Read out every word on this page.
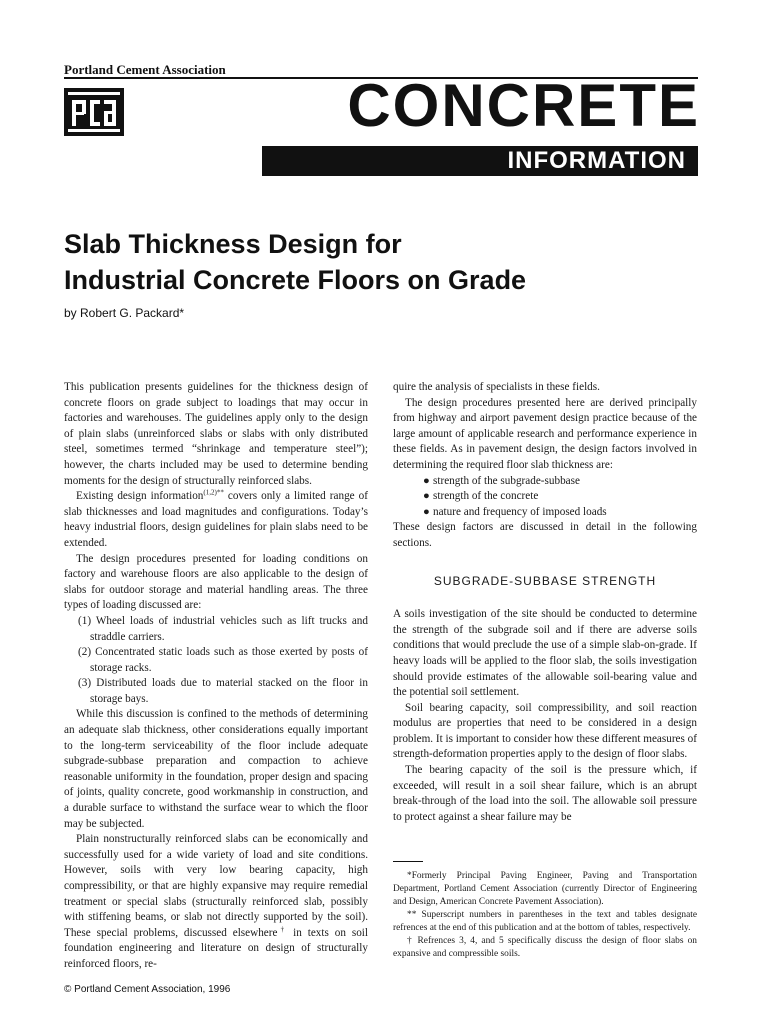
Portland Cement Association
CONCRETE
INFORMATION
Slab Thickness Design for
Industrial Concrete Floors on Grade
by Robert G. Packard*

This publication presents guidelines for the thickness design of concrete floors on grade subject to loadings that may occur in factories and warehouses. The guidelines apply only to the design of plain slabs (unreinforced slabs or slabs with only distributed steel, sometimes termed “shrinkage and temperature steel”); however, the charts included may be used to determine bending moments for the design of structurally reinforced slabs.

Existing design information$^{(1,2)**}$ covers only a limited range of slab thicknesses and load magnitudes and configurations. Today’s heavy industrial floors, design guidelines for plain slabs need to be extended.

The design procedures presented for loading conditions on factory and warehouse floors are also applicable to the design of slabs for outdoor storage and material handling areas. The three types of loading discussed are:

(1) Wheel loads of industrial vehicles such as lift trucks and straddle carriers.
(2) Concentrated static loads such as those exerted by posts of storage racks.
(3) Distributed loads due to material stacked on the floor in storage bays.

While this discussion is confined to the methods of determining an adequate slab thickness, other considerations equally important to the long-term serviceability of the floor include adequate subgrade-subbase preparation and compaction to achieve reasonable uniformity in the foundation, proper design and spacing of joints, quality concrete, good workmanship in construction, and a durable surface to withstand the surface wear to which the floor may be subjected.

Plain nonstructurally reinforced slabs can be economically and successfully used for a wide variety of load and site conditions. However, soils with very low bearing capacity, high compressibility, or that are highly expansive may require remedial treatment or special slabs (structurally reinforced slab, possibly with stiffening beams, or slab not directly supported by the soil). These special problems, discussed elsewhere† in texts on soil foundation engineering and literature on design of structurally reinforced floors, re-

quire the analysis of specialists in these fields.

The design procedures presented here are derived principally from highway and airport pavement design practice because of the large amount of applicable research and performance experience in these fields. As in pavement design, the design factors involved in determining the required floor slab thickness are:

● strength of the subgrade-subbase
● strength of the concrete
● nature and frequency of imposed loads

These design factors are discussed in detail in the following sections.

SUBGRADE-SUBBASE STRENGTH

A soils investigation of the site should be conducted to determine the strength of the subgrade soil and if there are adverse soils conditions that would preclude the use of a simple slab-on-grade. If heavy loads will be applied to the floor slab, the soils investigation should provide estimates of the allowable soil-bearing value and the potential soil settlement.

Soil bearing capacity, soil compressibility, and soil reaction modulus are properties that need to be considered in a design problem. It is important to consider how these different measures of strength-deformation properties apply to the design of floor slabs.

The bearing capacity of the soil is the pressure which, if exceeded, will result in a soil shear failure, which is an abrupt break-through of the load into the soil. The allowable soil pressure to protect against a shear failure may be

*Formerly Principal Paving Engineer, Paving and Transportation Department, Portland Cement Association (currently Director of Engineering and Design, American Concrete Pavement Association).

** Superscript numbers in parentheses in the text and tables designate refrences at the end of this publication and at the bottom of tables, respectively.

† Refrences 3, 4, and 5 specifically discuss the design of floor slabs on expansive and compressible soils.

© Portland Cement Association, 1996
